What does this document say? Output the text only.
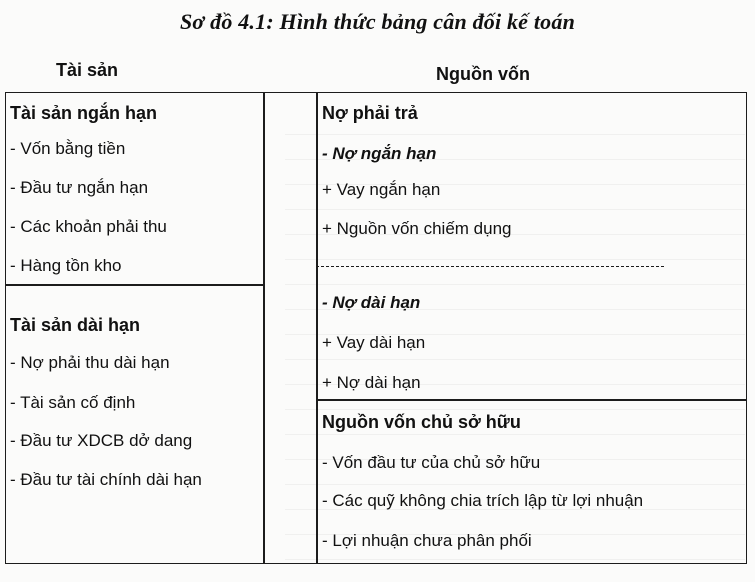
Sơ đồ 4.1: Hình thức bảng cân đối kế toán
Tài sản	Nguồn vốn
Tài sản ngắn hạn
- Vốn bằng tiền
- Đầu tư ngắn hạn
- Các khoản phải thu
- Hàng tồn kho
Tài sản dài hạn
- Nợ phải thu dài hạn
- Tài sản cố định
- Đầu tư XDCB dở dang
- Đầu tư tài chính dài hạn
Nợ phải trả
- Nợ ngắn hạn
+ Vay ngắn hạn
+ Nguồn vốn chiếm dụng
- Nợ dài hạn
+ Vay dài hạn
+ Nợ dài hạn
Nguồn vốn chủ sở hữu
- Vốn đầu tư của chủ sở hữu
- Các quỹ không chia trích lập từ lợi nhuận
- Lợi nhuận chưa phân phối
